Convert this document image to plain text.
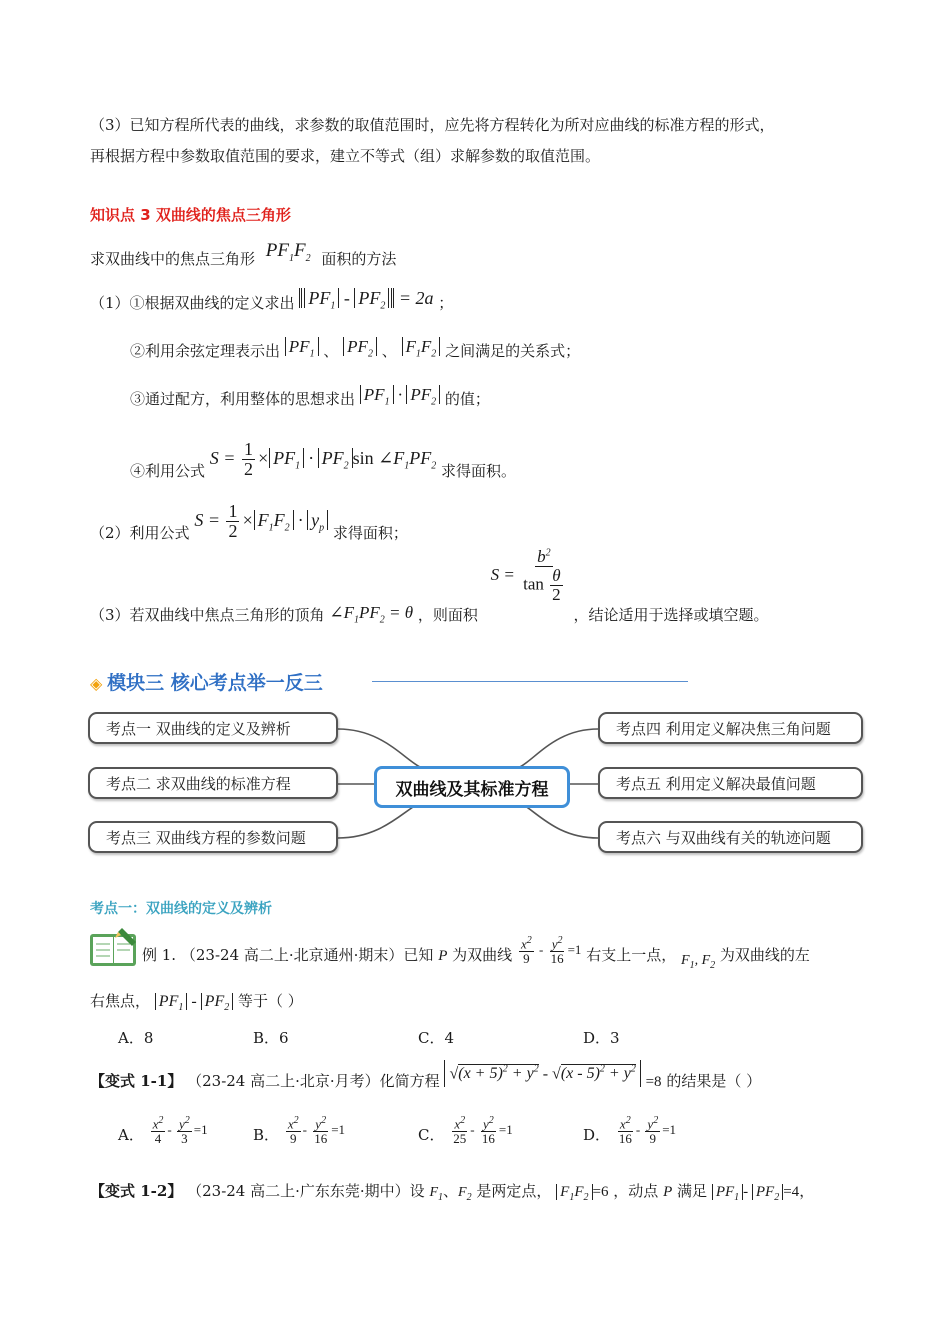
（3）已知方程所代表的曲线，求参数的取值范围时，应先将方程转化为所对应曲线的标准方程的形式，
再根据方程中参数取值范围的要求，建立不等式（组）求解参数的取值范围。
知识点 3 双曲线的焦点三角形
求双曲线中的焦点三角形 $PF_1F_2$ 面积的方法
（1）①根据双曲线的定义求出 $PF_1 - PF_2 = 2a$ ；
②利用余弦定理表示出 $PF_1$ 、 $PF_2$ 、 $F_1F_2$ 之间满足的关系式；
③通过配方，利用整体的思想求出 $PF_1 \cdot PF_2$ 的值；
④利用公式 $S = \frac{1}{2} \times PF_1 \cdot PF_2$ $\sin \angle F_1PF_2$ 求得面积。
（2）利用公式 $S = \frac{1}{2} \times F_1F_2 \cdot y_p$ 求得面积；
（3）若双曲线中焦点三角形的顶角 $\angle F_1PF_2 = \theta$ ，则面积 $S = \frac{b^2}{\tan \frac{\theta}{2}}$
，结论适用于选择或填空题。
◈ 模块三 核心考点举一反三
考点一 双曲线的定义及辨析
考点二 求双曲线的标准方程
考点三 双曲线方程的参数问题
双曲线及其标准方程
考点四 利用定义解决焦三角问题
考点五 利用定义解决最值问题
考点六 与双曲线有关的轨迹问题
考点一：双曲线的定义及辨析
例 1. （23-24 高二上·北京通州·期末）已知 P 为双曲线 $\frac{x^2}{9} - \frac{y^2}{16} =1$ 右支上一点， $F_1$, $F_2$ 为双曲线的左
右焦点， $PF_1 - PF_2$ 等于（ ）
A．8	B．6	C．4	D．3
【变式 1-1】 （23-24 高二上·北京·月考）化简方程 $√(x + 5)^2 + y^2 - √(x - 5)^2 + y^2 =8$ 的结果是（ ）
A． $\frac{x^2}{4} - \frac{y^2}{3} =1$	B． $\frac{x^2}{9} - \frac{y^2}{16} =1$	C． $\frac{x^2}{25} - \frac{y^2}{16} =1$	D． $\frac{x^2}{16} - \frac{y^2}{9} =1$
【变式 1-2】 （23-24 高二上·广东东莞·期中）设 $F_1$、$F_2$ 是两定点， $F_1F_2 =6$ ，动点 P 满足 $PF_1 - PF_2 =4$，
